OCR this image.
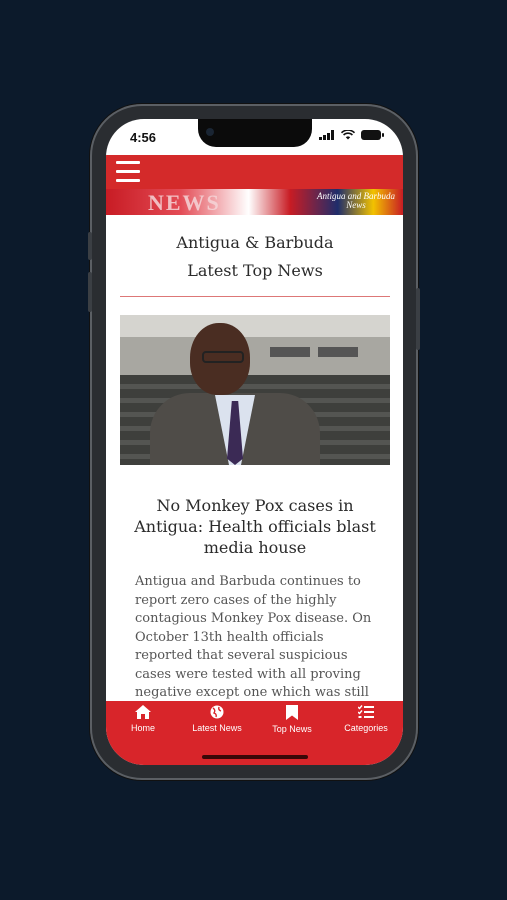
4:56
NEWS	Antigua and Barbuda
News
Antigua & Barbuda
Latest Top News
No Monkey Pox cases in Antigua: Health officials blast media house
Antigua and Barbuda continues to report zero cases of the highly contagious Monkey Pox disease. On October 13th health officials reported that several suspicious cases were tested with all proving negative except one which was still
Home	Latest News	Top News	Categories
